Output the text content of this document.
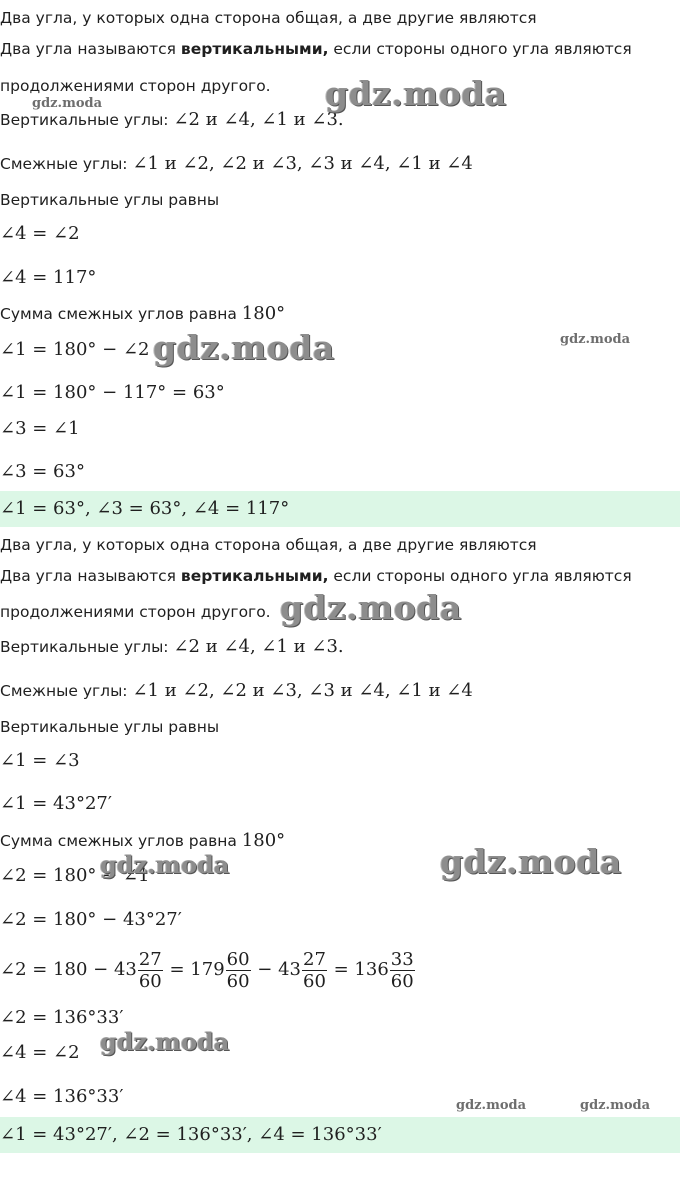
Два угла, у которых одна сторона общая, а две другие являются
Два угла называются вертикальными, если стороны одного угла являются
продолжениями сторон другого.
Вертикальные углы: ∠2 и ∠4, ∠1 и ∠3.
Смежные углы: ∠1 и ∠2, ∠2 и ∠3, ∠3 и ∠4, ∠1 и ∠4
Вертикальные углы равны
∠4 = ∠2
∠4 = 117°
Сумма смежных углов равна 180°
∠1 = 180° − ∠2
∠1 = 180° − 117° = 63°
∠3 = ∠1
∠3 = 63°
∠1 = 63°, ∠3 = 63°, ∠4 = 117°
Два угла, у которых одна сторона общая, а две другие являются
Два угла называются вертикальными, если стороны одного угла являются
продолжениями сторон другого.
Вертикальные углы: ∠2 и ∠4, ∠1 и ∠3.
Смежные углы: ∠1 и ∠2, ∠2 и ∠3, ∠3 и ∠4, ∠1 и ∠4
Вертикальные углы равны
∠1 = ∠3
∠1 = 43°27′
Сумма смежных углов равна 180°
∠2 = 180° − ∠1
∠2 = 180° − 43°27′
∠2 = $180 - 43 \frac{27}{60} = 179 \frac{60}{60} - 43 \frac{27}{60} = 136 \frac{33}{60}$
∠2 = 136°33′
∠4 = ∠2
∠4 = 136°33′
∠1 = 43°27′, ∠2 = 136°33′, ∠4 = 136°33′
gdz.moda
gdz.moda
gdz.moda	gdz.moda
gdz.moda
gdz.moda
gdz.moda
gdz.moda
gdz.moda	gdz.moda
